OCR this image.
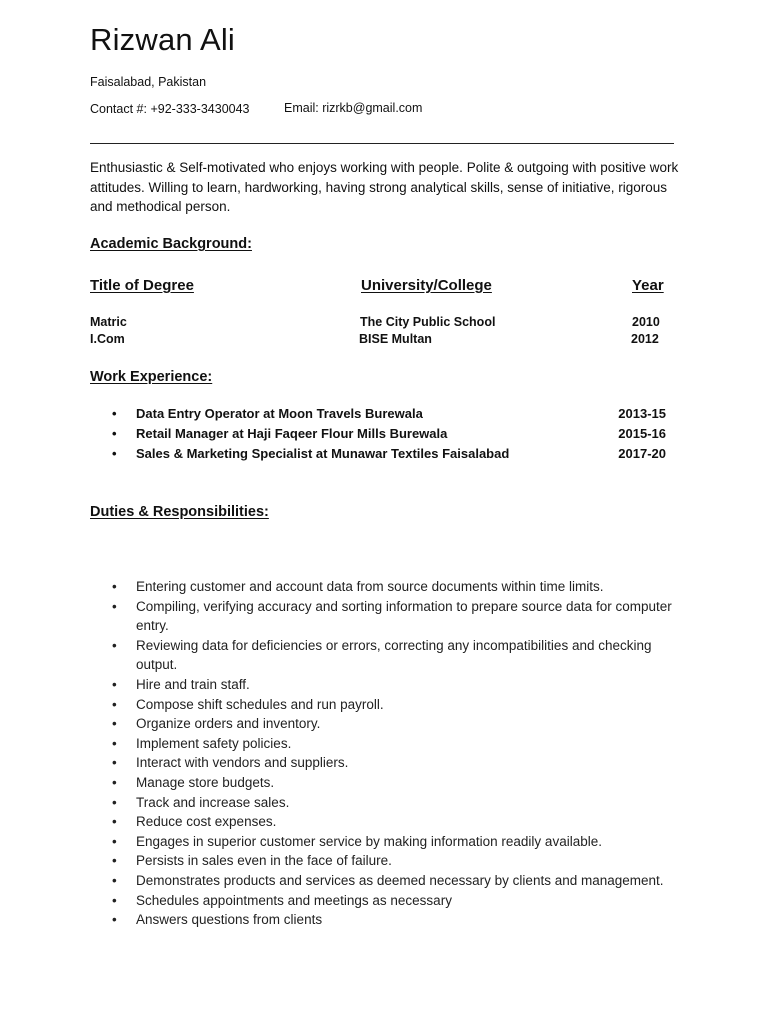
Rizwan Ali
Faisalabad, Pakistan
Contact #: +92-333-3430043	Email: rizrkb@gmail.com
Enthusiastic & Self-motivated who enjoys working with people. Polite & outgoing with positive work attitudes. Willing to learn, hardworking, having strong analytical skills, sense of initiative, rigorous and methodical person.
Academic Background:
Title of Degree	University/College	Year
Matric	The City Public School	2010
I.Com	BISE Multan	2012
Work Experience:
• Data Entry Operator at Moon Travels Burewala	2013-15
• Retail Manager at Haji Faqeer Flour Mills Burewala	2015-16
• Sales & Marketing Specialist at Munawar Textiles Faisalabad	2017-20
Duties & Responsibilities:
• Entering customer and account data from source documents within time limits.
• Compiling, verifying accuracy and sorting information to prepare source data for computer entry.
• Reviewing data for deficiencies or errors, correcting any incompatibilities and checking output.
• Hire and train staff.
• Compose shift schedules and run payroll.
• Organize orders and inventory.
• Implement safety policies.
• Interact with vendors and suppliers.
• Manage store budgets.
• Track and increase sales.
• Reduce cost expenses.
• Engages in superior customer service by making information readily available.
• Persists in sales even in the face of failure.
• Demonstrates products and services as deemed necessary by clients and management.
• Schedules appointments and meetings as necessary
• Answers questions from clients
